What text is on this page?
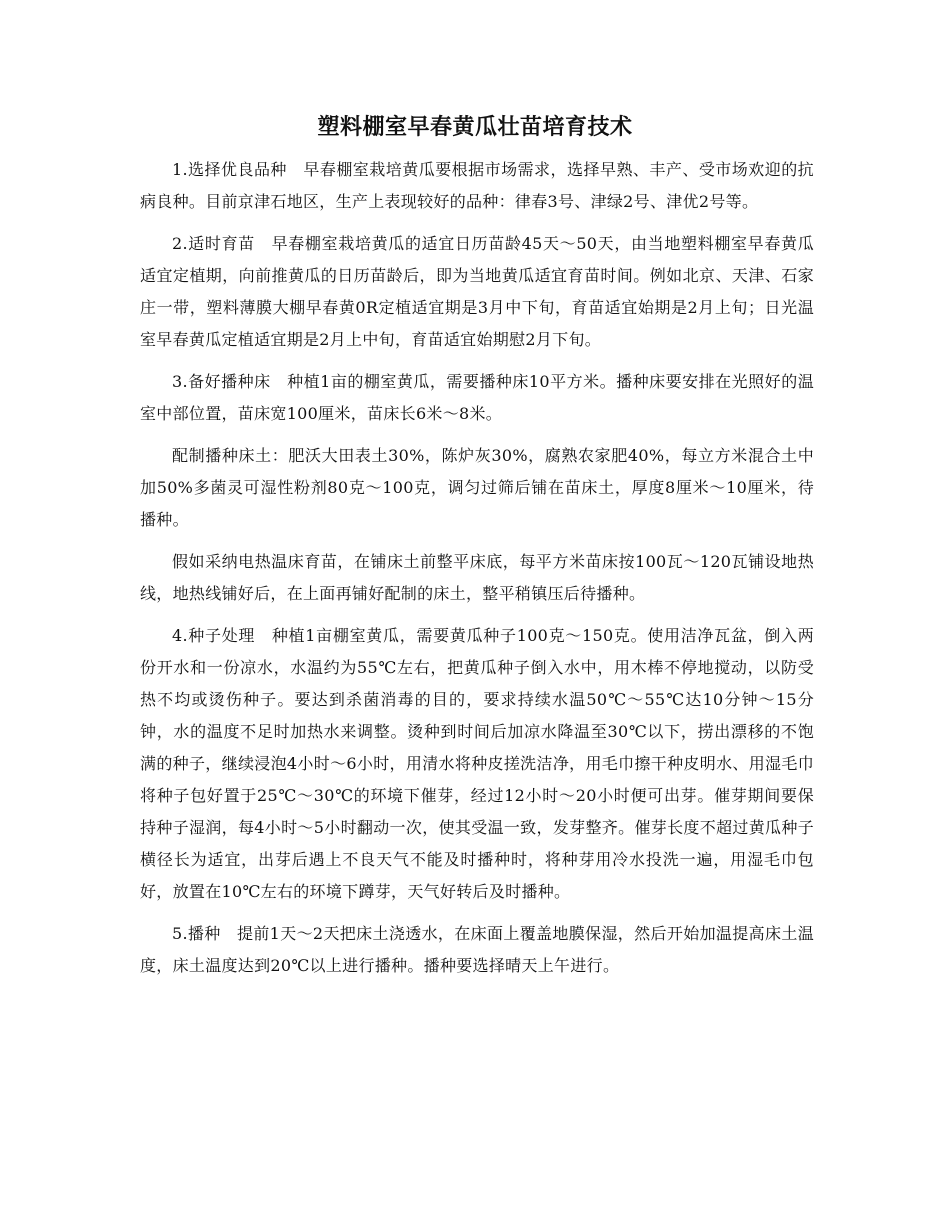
塑料棚室早春黄瓜壮苗培育技术

1.选择优良品种　早春棚室栽培黄瓜要根据市场需求，选择早熟、丰产、受市场欢迎的抗病良种。目前京津石地区，生产上表现较好的品种：律春3号、津绿2号、津优2号等。

2.适时育苗　早春棚室栽培黄瓜的适宜日历苗龄45天～50天，由当地塑料棚室早春黄瓜适宜定植期，向前推黄瓜的日历苗龄后，即为当地黄瓜适宜育苗时间。例如北京、天津、石家庄一带，塑料薄膜大棚早春黄0R定植适宜期是3月中下旬，育苗适宜始期是2月上旬；日光温室早春黄瓜定植适宜期是2月上中旬，育苗适宜始期慰2月下旬。

3.备好播种床　种植1亩的棚室黄瓜，需要播种床10平方米。播种床要安排在光照好的温室中部位置，苗床宽100厘米，苗床长6米～8米。

配制播种床土：肥沃大田表土30%，陈炉灰30%，腐熟农家肥40%，每立方米混合土中加50%多菌灵可湿性粉剂80克～100克，调匀过筛后铺在苗床土，厚度8厘米～10厘米，待播种。

假如采纳电热温床育苗，在铺床土前整平床底，每平方米苗床按100瓦～120瓦铺设地热线，地热线铺好后，在上面再铺好配制的床土，整平稍镇压后待播种。

4.种子处理　种植1亩棚室黄瓜，需要黄瓜种子100克～150克。使用洁净瓦盆，倒入两份开水和一份凉水，水温约为55℃左右，把黄瓜种子倒入水中，用木棒不停地搅动，以防受热不均或烫伤种子。要达到杀菌消毒的目的，要求持续水温50℃～55℃达10分钟～15分钟，水的温度不足时加热水来调整。烫种到时间后加凉水降温至30℃以下，捞出漂移的不饱满的种子，继续浸泡4小时～6小时，用清水将种皮搓洗洁净，用毛巾擦干种皮明水、用湿毛巾将种子包好置于25℃～30℃的环境下催芽，经过12小时～20小时便可出芽。催芽期间要保持种子湿润，每4小时～5小时翻动一次，使其受温一致，发芽整齐。催芽长度不超过黄瓜种子横径长为适宜，出芽后遇上不良天气不能及时播种时，将种芽用冷水投洗一遍，用湿毛巾包好，放置在10℃左右的环境下蹲芽，天气好转后及时播种。

5.播种　提前1天～2天把床土浇透水，在床面上覆盖地膜保湿，然后开始加温提高床土温度，床土温度达到20℃以上进行播种。播种要选择晴天上午进行。
